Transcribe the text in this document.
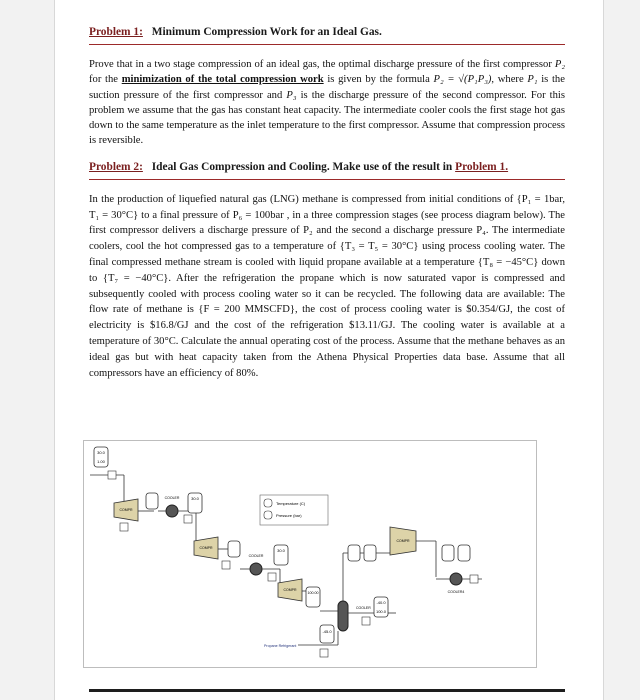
Problem 1: Minimum Compression Work for an Ideal Gas.

Prove that in a two stage compression of an ideal gas, the optimal discharge pressure of the first compressor P₂ for the minimization of the total compression work is given by the formula P₂ = √(P₁P₃), where P₁ is the suction pressure of the first compressor and P₃ is the discharge pressure of the second compressor. For this problem we assume that the gas has constant heat capacity. The intermediate cooler cools the first stage hot gas down to the same temperature as the inlet temperature to the first compressor. Assume that compression process is reversible.

Problem 2: Ideal Gas Compression and Cooling. Make use of the result in Problem 1.

In the production of liquefied natural gas (LNG) methane is compressed from initial conditions of {P₁ = 1bar, T₁ = 30°C} to a final pressure of P₆ = 100bar , in a three compression stages (see process diagram below). The first compressor delivers a discharge pressure of P₂ and the second a discharge pressure P₄. The intermediate coolers, cool the hot compressed gas to a temperature of {T₃ = T₅ = 30°C} using process cooling water. The final compressed methane stream is cooled with liquid propane available at a temperature {T₈ = −45°C} down to {T₇ = −40°C}. After the refrigeration the propane which is now saturated vapor is compressed and subsequently cooled with process cooling water so it can be recycled. The following data are available: The flow rate of methane is {F = 200 MMSCFD}, the cost of process cooling water is $0.354/GJ, the cost of electricity is $16.8/GJ and the cost of the refrigeration $13.11/GJ. The cooling water is available at a temperature of 30°C. Calculate the annual operating cost of the process. Assume that the methane behaves as an ideal gas but with heat capacity taken from the Athena Physical Properties data base. Assume that all compressors have an efficiency of 80%.

30.0
1.00
COMPR
COOLER	30.0
COMPR
COOLER
30.0
COMPR
100.00
COOLER
-40.0
100.0
Propane Refrigerant
-45.0
Temperature (C)
Pressure (bar)
COMPR
COOLER4
